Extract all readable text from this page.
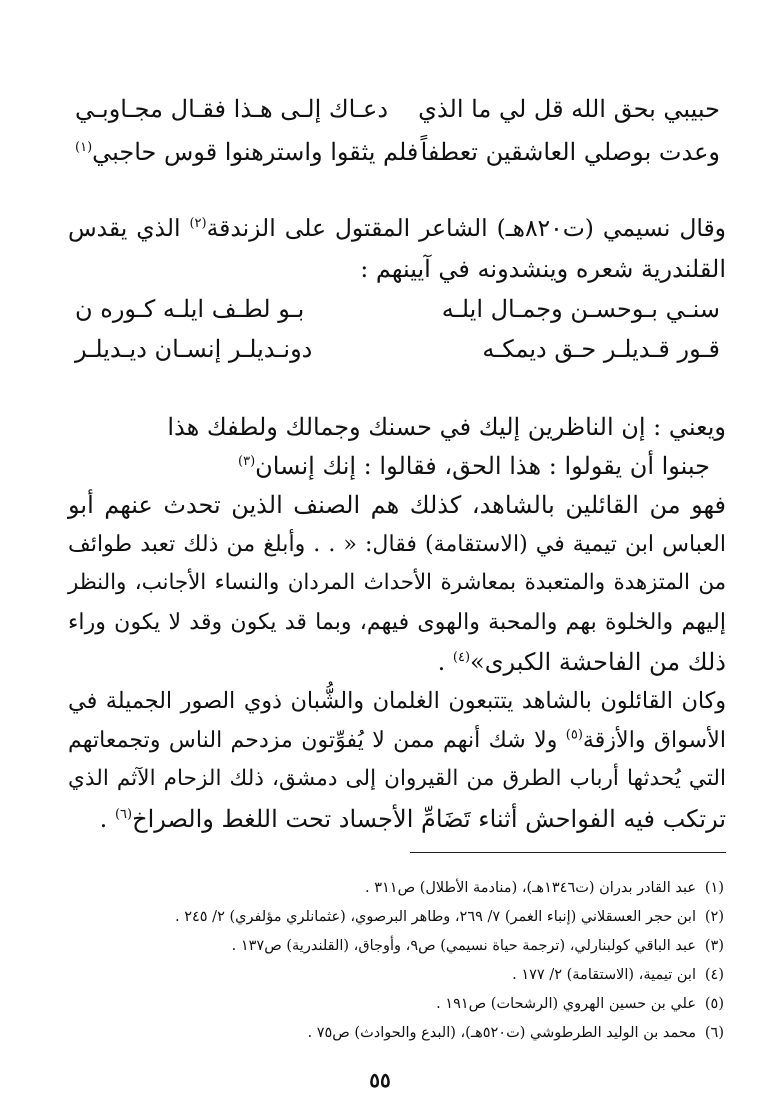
حبيبي بحق الله قل لي ما الذي
دعـاك إلـى هـذا فقـال مجـاوبـي
وعدت بوصلي العاشقين تعطفاً
فلم يثقوا واسترهنوا قوس حاجبي$^{(١)}$
وقال نسيمي (ت٨٢٠هـ) الشاعر المقتول على الزندقة$^{(٢)}$ الذي يقدس
القلندرية شعره وينشدونه في آيينهم :
سنـي بـوحسـن وجمـال ايلـه
بـو لطـف ايلـه كـوره ن
قـور قـديلـر حـق ديمكـه
دونـديلـر إنسـان ديـديلـر
ويعني : إن الناظرين إليك في حسنك وجمالك ولطفك هذا
جبنوا أن يقولوا : هذا الحق، فقالوا : إنك إنسان$^{(٣)}$
فهو من القائلين بالشاهد، كذلك هم الصنف الذين تحدث عنهم أبو
العباس ابن تيمية في (الاستقامة) فقال: « . . وأبلغ من ذلك تعبد طوائف
من المتزهدة والمتعبدة بمعاشرة الأحداث المردان والنساء الأجانب، والنظر
إليهم والخلوة بهم والمحبة والهوى فيهم، وبما قد يكون وقد لا يكون وراء
ذلك من الفاحشة الكبرى»$^{(٤)}$ .
وكان القائلون بالشاهد يتتبعون الغلمان والشُّبان ذوي الصور الجميلة في
الأسواق والأزقة$^{(٥)}$ ولا شك أنهم ممن لا يُفوِّتون مزدحم الناس وتجمعاتهم
التي يُحدثها أرباب الطرق من القيروان إلى دمشق، ذلك الزحام الآثم الذي
ترتكب فيه الفواحش أثناء تَضَامِّ الأجساد تحت اللغط والصراخ$^{(٦)}$ .
(١)
عبد القادر بدران (ت١٣٤٦هـ)، (منادمة الأطلال) ص٣١١ .
(٢)
ابن حجر العسقلاني (إنباء الغمر) ٧/ ٢٦٩، وطاهر البرصوي، (عثمانلري مؤلفري) ٢/ ٢٤٥ .
(٣)
عبد الباقي كولبنارلي، (ترجمة حياة نسيمي) ص٩، وأوجاق، (القلندرية) ص١٣٧ .
(٤)
ابن تيمية، (الاستقامة) ٢/ ١٧٧ .
(٥)
علي بن حسين الهروي (الرشحات) ص١٩١ .
(٦)
محمد بن الوليد الطرطوشي (ت٥٢٠هـ)، (البدع والحوادث) ص٧٥ .
٥٥
